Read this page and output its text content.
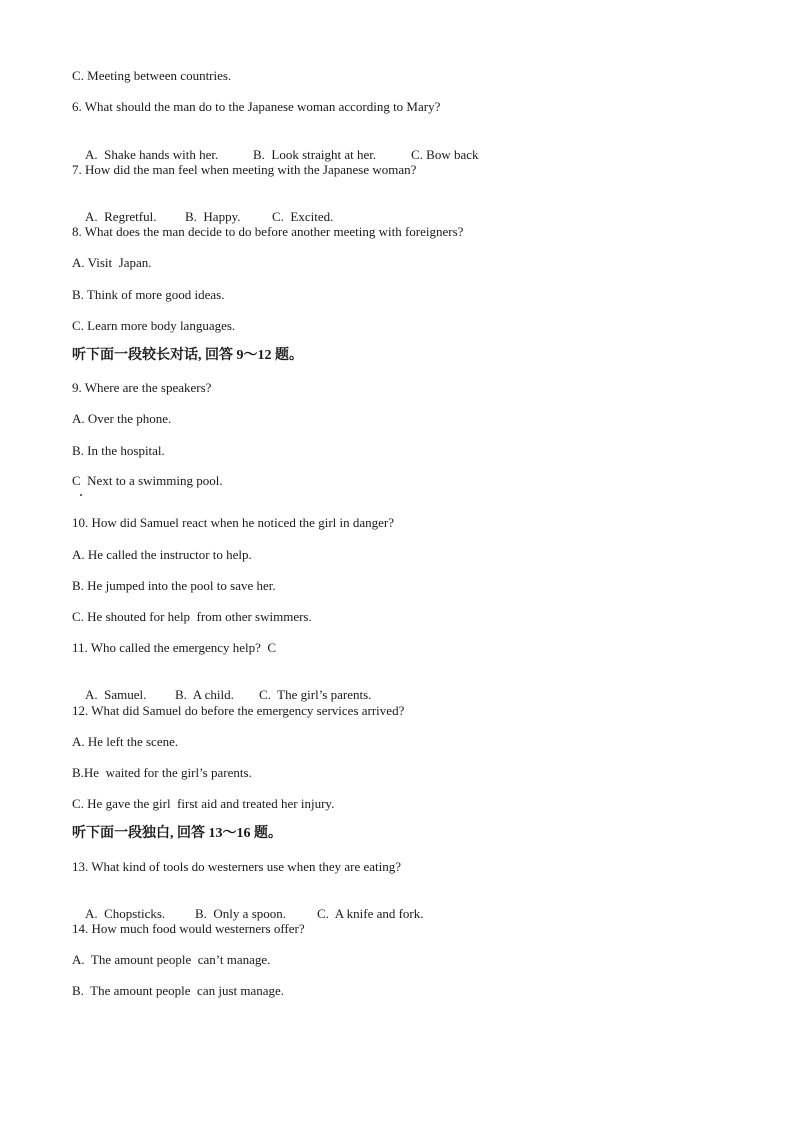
C. Meeting between countries.
6. What should the man do to the Japanese woman according to Mary?

A.  Shake hands with her.	B.  Look straight at her.	C. Bow back

7. How did the man feel when meeting with the Japanese woman?

A.  Regretful. B.  Happy. C.  Excited.

8. What does the man decide to do before another meeting with foreigners?
A. Visit  Japan.
B. Think of more good ideas.
C. Learn more body languages.
听下面一段较长对话, 回答 9～12 题。
9. Where are the speakers?
A. Over the phone.
B. In the hospital.
C  Next to a swimming pool.
10. How did Samuel react when he noticed the girl in danger?
A. He called the instructor to help.
B. He jumped into the pool to save her.
C. He shouted for help  from other swimmers.
11. Who called the emergency help?  C

A.  Samuel. B.  A child. C.  The girl’s parents.

12. What did Samuel do before the emergency services arrived?
A. He left the scene.
B.He  waited for the girl’s parents.
C. He gave the girl  first aid and treated her injury.
听下面一段独白, 回答 13～16 题。
13. What kind of tools do westerners use when they are eating?

A.  Chopsticks. B.  Only a spoon. C.  A knife and fork.

14. How much food would westerners offer?
A.  The amount people  can’t manage.
B.  The amount people  can just manage.
